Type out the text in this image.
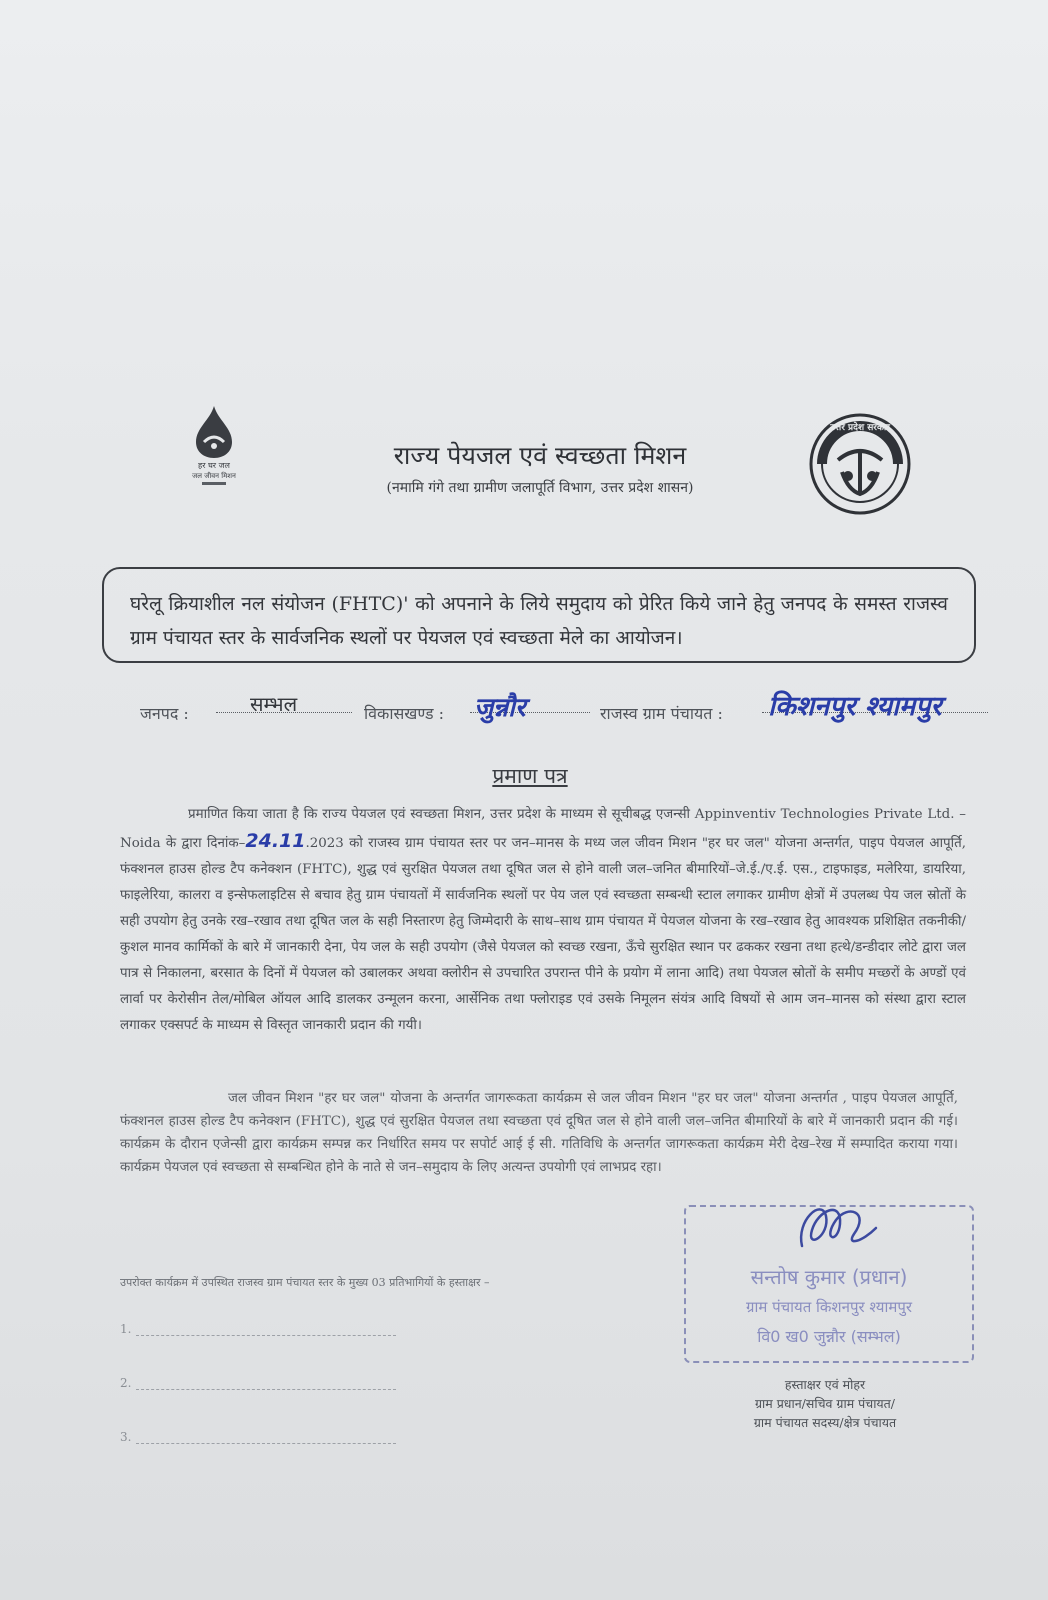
हर घर जल
जल जीवन मिशन
उत्तर प्रदेश सरकार
राज्य पेयजल एवं स्वच्छता मिशन
(नमामि गंगे तथा ग्रामीण जलापूर्ति विभाग, उत्तर प्रदेश शासन)
घरेलू क्रियाशील नल संयोजन (FHTC)' को अपनाने के लिये समुदाय को प्रेरित किये जाने हेतु जनपद के समस्त राजस्व ग्राम पंचायत स्तर के सार्वजनिक स्थलों पर पेयजल एवं स्वच्छता मेले का आयोजन।
जनपद :	सम्भल	विकासखण्ड : जुन्नौर	राजस्व ग्राम पंचायत : किशनपुर श्यामपुर
प्रमाण पत्र
प्रमाणित किया जाता है कि राज्य पेयजल एवं स्वच्छता मिशन, उत्तर प्रदेश के माध्यम से सूचीबद्ध एजन्सी Appinventiv Technologies Private Ltd. – Noida के द्वारा दिनांक–24.11.2023 को राजस्व ग्राम पंचायत स्तर पर जन–मानस के मध्य जल जीवन मिशन "हर घर जल" योजना अन्तर्गत, पाइप पेयजल आपूर्ति, फंक्शनल हाउस होल्ड टैप कनेक्शन (FHTC), शुद्ध एवं सुरक्षित पेयजल तथा दूषित जल से होने वाली जल–जनित बीमारियों–जे.ई./ए.ई. एस., टाइफाइड, मलेरिया, डायरिया, फाइलेरिया, कालरा व इन्सेफलाइटिस से बचाव हेतु ग्राम पंचायतों में सार्वजनिक स्थलों पर पेय जल एवं स्वच्छता सम्बन्धी स्टाल लगाकर ग्रामीण क्षेत्रों में उपलब्ध पेय जल स्रोतों के सही उपयोग हेतु उनके रख–रखाव तथा दूषित जल के सही निस्तारण हेतु जिम्मेदारी के साथ–साथ ग्राम पंचायत में पेयजल योजना के रख–रखाव हेतु आवश्यक प्रशिक्षित तकनीकी/कुशल मानव कार्मिकों के बारे में जानकारी देना, पेय जल के सही उपयोग (जैसे पेयजल को स्वच्छ रखना, ऊँचे सुरक्षित स्थान पर ढककर रखना तथा हत्थे/डन्डीदार लोटे द्वारा जल पात्र से निकालना, बरसात के दिनों में पेयजल को उबालकर अथवा क्लोरीन से उपचारित उपरान्त पीने के प्रयोग में लाना आदि) तथा पेयजल स्रोतों के समीप मच्छरों के अण्डों एवं लार्वा पर केरोसीन तेल/मोबिल ऑयल आदि डालकर उन्मूलन करना, आर्सेनिक तथा फ्लोराइड एवं उसके निमूलन संयंत्र आदि विषयों से आम जन–मानस को संस्था द्वारा स्टाल लगाकर एक्सपर्ट के माध्यम से विस्तृत जानकारी प्रदान की गयी।
जल जीवन मिशन "हर घर जल" योजना के अन्तर्गत जागरूकता कार्यक्रम से जल जीवन मिशन "हर घर जल" योजना अन्तर्गत , पाइप पेयजल आपूर्ति, फंक्शनल हाउस होल्ड टैप कनेक्शन (FHTC), शुद्ध एवं सुरक्षित पेयजल तथा स्वच्छता एवं दूषित जल से होने वाली जल–जनित बीमारियों के बारे में जानकारी प्रदान की गई। कार्यक्रम के दौरान एजेन्सी द्वारा कार्यक्रम सम्पन्न कर निर्धारित समय पर सपोर्ट आई ई सी. गतिविधि के अन्तर्गत जागरूकता कार्यक्रम मेरी देख–रेख में सम्पादित कराया गया। कार्यक्रम पेयजल एवं स्वच्छता से सम्बन्धित होने के नाते से जन–समुदाय के लिए अत्यन्त उपयोगी एवं लाभप्रद रहा।
उपरोक्त कार्यक्रम में उपस्थित राजस्व ग्राम पंचायत स्तर के मुख्य 03 प्रतिभागियों के हस्ताक्षर –
1.
2.
3.
सन्तोष कुमार (प्रधान)
ग्राम पंचायत किशनपुर श्यामपुर
वि0 ख0 जुन्नौर (सम्भल)
हस्ताक्षर एवं मोहर
ग्राम प्रधान/सचिव ग्राम पंचायत/
ग्राम पंचायत सदस्य/क्षेत्र पंचायत
